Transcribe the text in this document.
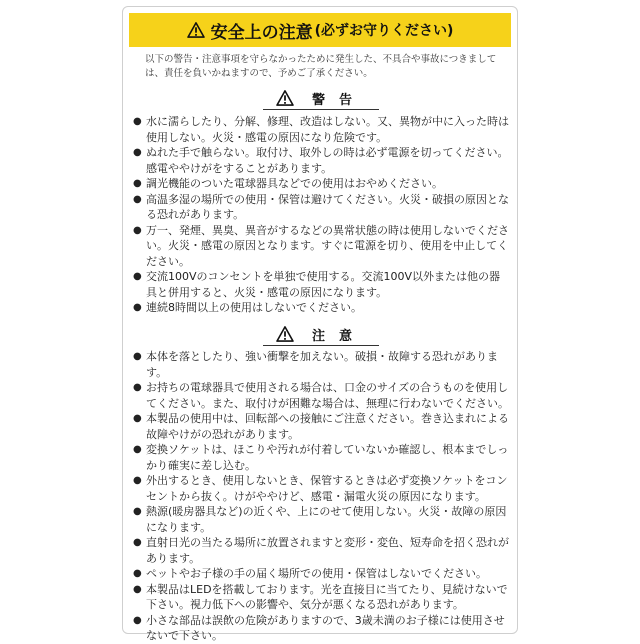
安全上の注意 (必ずお守りください)
以下の警告・注意事項を守らなかったために発生した、不具合や事故につきましては、責任を負いかねますので、予めご了承ください。
警告
● 水に濡らしたり、分解、修理、改造はしない。又、異物が中に入った時は使用しない。火災・感電の原因になり危険です。
● ぬれた手で触らない。取付け、取外しの時は必ず電源を切ってください。感電ややけがをすることがあります。
● 調光機能のついた電球器具などでの使用はおやめください。
● 高温多湿の場所での使用・保管は避けてください。火災・破損の原因となる恐れがあります。
● 万一、発煙、異臭、異音がするなどの異常状態の時は使用しないでください。火災・感電の原因となります。すぐに電源を切り、使用を中止してください。
● 交流100Vのコンセントを単独で使用する。交流100V以外または他の器具と併用すると、火災・感電の原因になります。
● 連続8時間以上の使用はしないでください。
注意
● 本体を落としたり、強い衝撃を加えない。破損・故障する恐れがあります。
● お持ちの電球器具で使用される場合は、口金のサイズの合うものを使用してください。また、取付けが困難な場合は、無理に行わないでください。
● 本製品の使用中は、回転部への接触にご注意ください。巻き込まれによる故障やけがの恐れがあります。
● 変換ソケットは、ほこりや汚れが付着していないか確認し、根本までしっかり確実に差し込む。
● 外出するとき、使用しないとき、保管するときは必ず変換ソケットをコンセントから抜く。けがややけど、感電・漏電火災の原因になります。
● 熱源(暖房器具など)の近くや、上にのせて使用しない。火災・故障の原因になります。
● 直射日光の当たる場所に放置されますと変形・変色、短寿命を招く恐れがあります。
● ペットやお子様の手の届く場所での使用・保管はしないでください。
● 本製品はLEDを搭載しております。光を直接目に当てたり、見続けないで下さい。視力低下への影響や、気分が悪くなる恐れがあります。
● 小さな部品は誤飲の危険がありますので、3歳未満のお子様には使用させないで下さい。
